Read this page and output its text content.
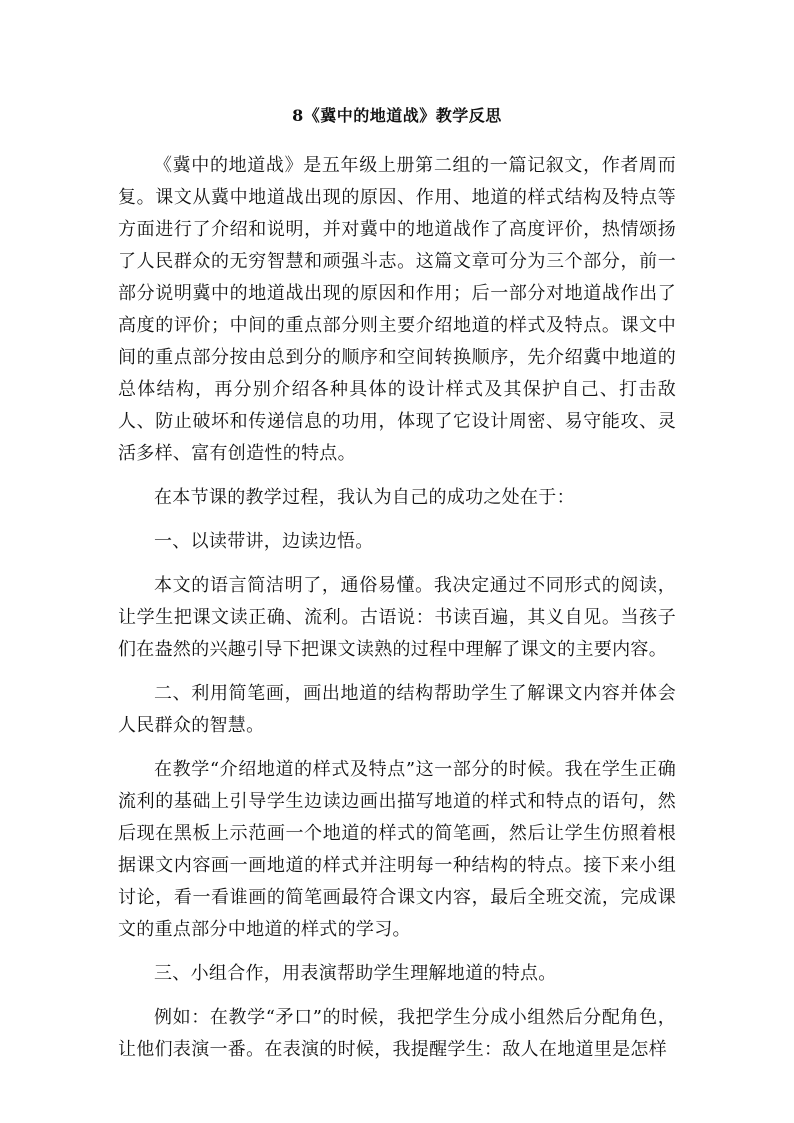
8《冀中的地道战》教学反思

《冀中的地道战》是五年级上册第二组的一篇记叙文，作者周而复。课文从冀中地道战出现的原因、作用、地道的样式结构及特点等方面进行了介绍和说明，并对冀中的地道战作了高度评价，热情颂扬了人民群众的无穷智慧和顽强斗志。这篇文章可分为三个部分，前一部分说明冀中的地道战出现的原因和作用；后一部分对地道战作出了高度的评价；中间的重点部分则主要介绍地道的样式及特点。课文中间的重点部分按由总到分的顺序和空间转换顺序，先介绍冀中地道的总体结构，再分别介绍各种具体的设计样式及其保护自己、打击敌人、防止破坏和传递信息的功用，体现了它设计周密、易守能攻、灵活多样、富有创造性的特点。

在本节课的教学过程，我认为自己的成功之处在于：

一、以读带讲，边读边悟。

本文的语言简洁明了，通俗易懂。我决定通过不同形式的阅读，让学生把课文读正确、流利。古语说：书读百遍，其义自见。当孩子们在盎然的兴趣引导下把课文读熟的过程中理解了课文的主要内容。

二、利用简笔画，画出地道的结构帮助学生了解课文内容并体会人民群众的智慧。

在教学“介绍地道的样式及特点”这一部分的时候。我在学生正确流利的基础上引导学生边读边画出描写地道的样式和特点的语句，然后现在黑板上示范画一个地道的样式的简笔画，然后让学生仿照着根据课文内容画一画地道的样式并注明每一种结构的特点。接下来小组讨论，看一看谁画的简笔画最符合课文内容，最后全班交流，完成课文的重点部分中地道的样式的学习。

三、小组合作，用表演帮助学生理解地道的特点。

例如：在教学“矛口”的时候，我把学生分成小组然后分配角色，让他们表演一番。在表演的时候，我提醒学生：敌人在地道里是怎样
